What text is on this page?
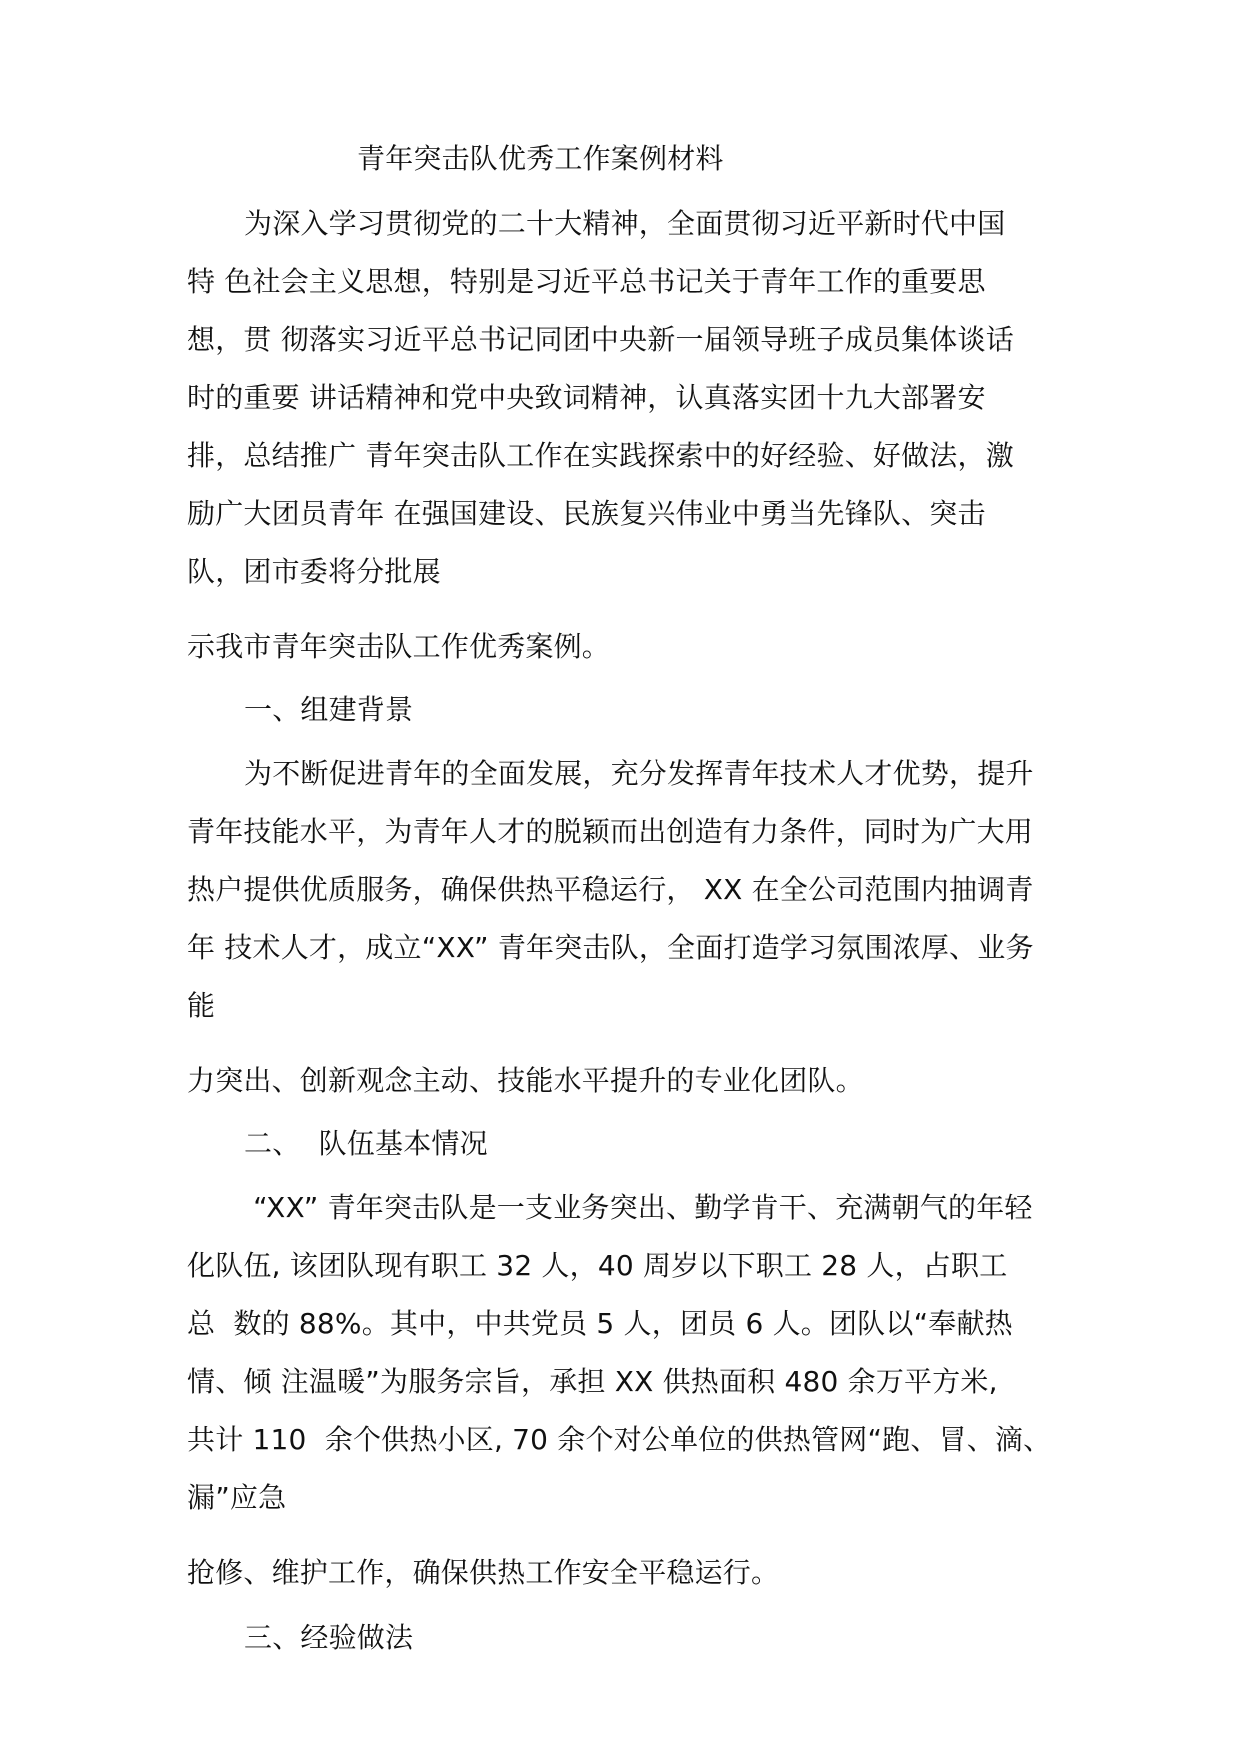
青年突击队优秀工作案例材料
为深入学习贯彻党的二十大精神，全面贯彻习近平新时代中国
特 色社会主义思想，特别是习近平总书记关于青年工作的重要思
想，贯 彻落实习近平总书记同团中央新一届领导班子成员集体谈话
时的重要 讲话精神和党中央致词精神，认真落实团十九大部署安
排，总结推广 青年突击队工作在实践探索中的好经验、好做法，激
励广大团员青年 在强国建设、民族复兴伟业中勇当先锋队、突击
队，团市委将分批展
示我市青年突击队工作优秀案例。
一、组建背景
为不断促进青年的全面发展，充分发挥青年技术人才优势，提升
青年技能水平，为青年人才的脱颖而出创造有力条件，同时为广大用
热户提供优质服务，确保供热平稳运行， XX 在全公司范围内抽调青
年 技术人才，成立“XX” 青年突击队，全面打造学习氛围浓厚、业务
能
力突出、创新观念主动、技能水平提升的专业化团队。
二、  队伍基本情况
“XX” 青年突击队是一支业务突出、勤学肯干、充满朝气的年轻
化队伍, 该团队现有职工 32 人，40 周岁以下职工 28 人，占职工
总  数的 88%。其中，中共党员 5 人，团员 6 人。团队以“奉献热
情、倾 注温暖”为服务宗旨，承担 XX 供热面积 480 余万平方米,
共计 110  余个供热小区, 70 余个对公单位的供热管网“跑、冒、滴、
漏”应急
抢修、维护工作，确保供热工作安全平稳运行。
三、经验做法
